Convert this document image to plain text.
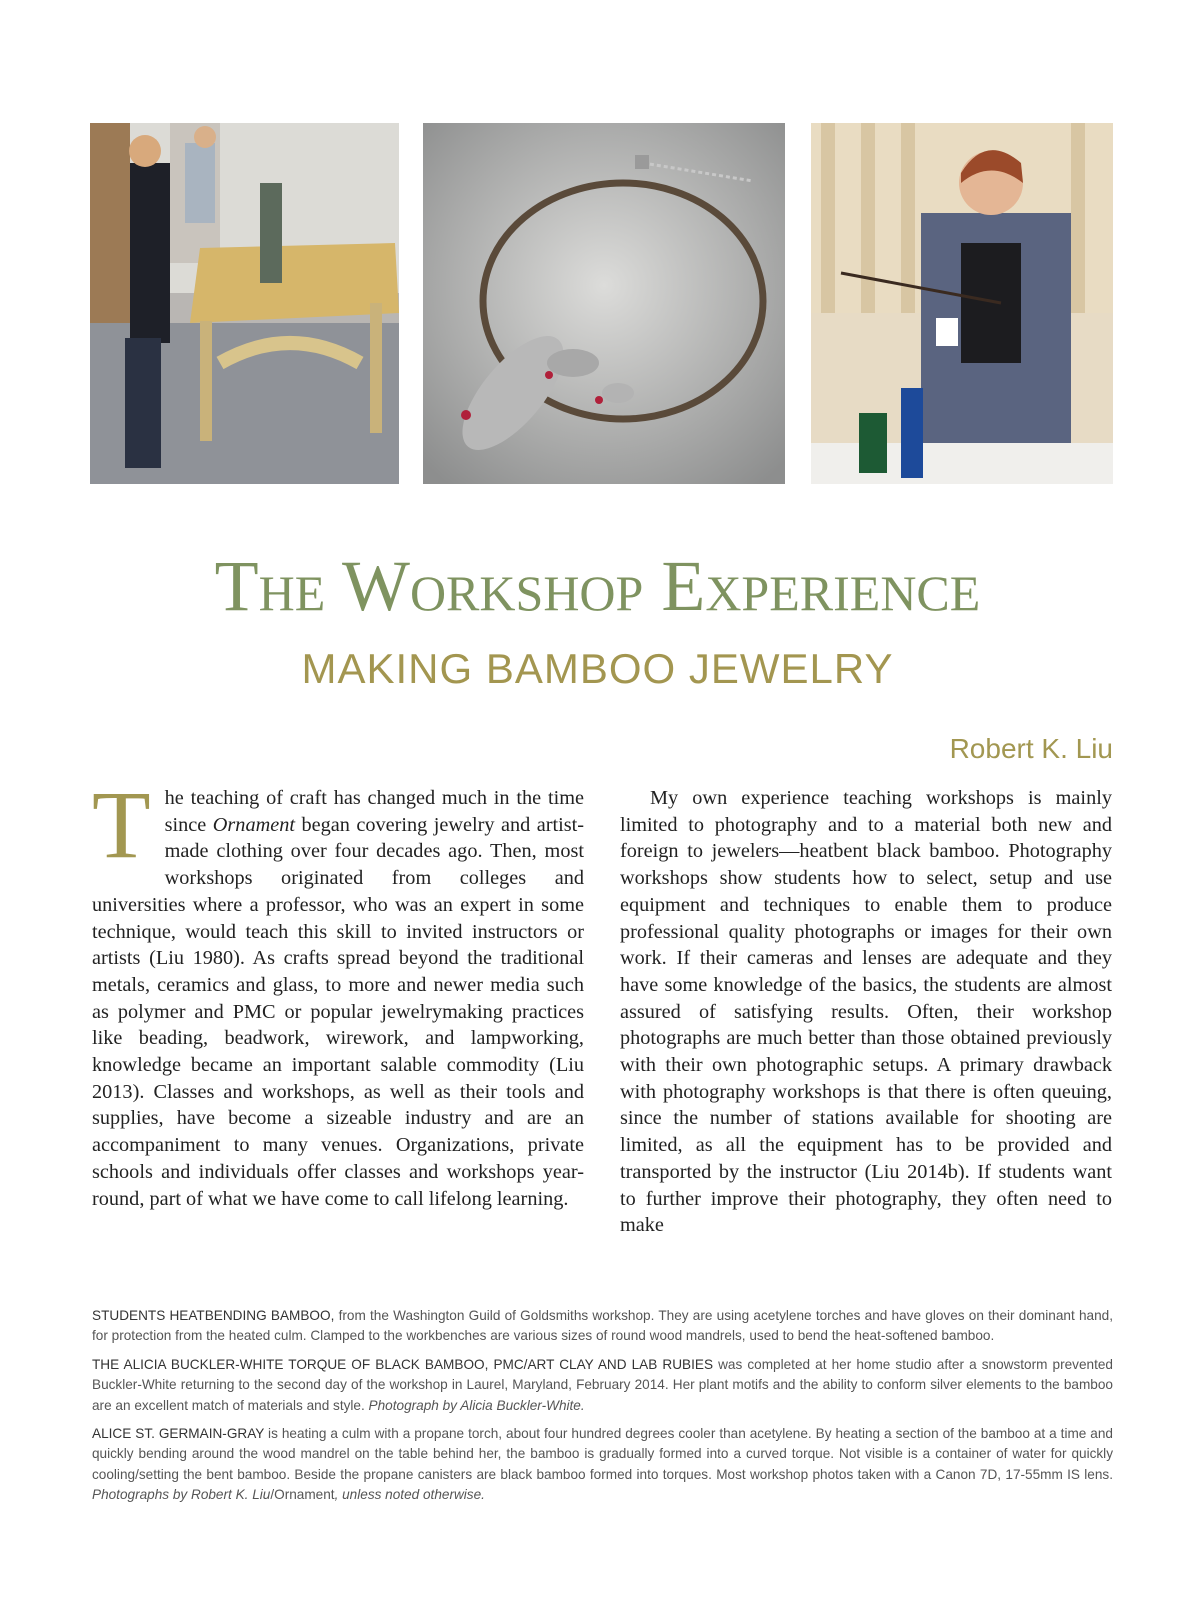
The Workshop Experience
MAKING BAMBOO JEWELRY
Robert K. Liu
The teaching of craft has changed much in the time since Ornament began covering jewelry and artist-made clothing over four decades ago. Then, most workshops originated from colleges and universities where a professor, who was an expert in some technique, would teach this skill to invited instructors or artists (Liu 1980). As crafts spread beyond the traditional metals, ceramics and glass, to more and newer media such as polymer and PMC or popular jewelrymaking practices like beading, beadwork, wirework, and lampworking, knowledge became an important salable commodity (Liu 2013). Classes and workshops, as well as their tools and supplies, have become a sizeable industry and are an accompaniment to many venues. Organizations, private schools and individuals offer classes and workshops year-round, part of what we have come to call lifelong learning.
My own experience teaching workshops is mainly limited to photography and to a material both new and foreign to jewelers—heatbent black bamboo. Photography workshops show students how to select, setup and use equipment and techniques to enable them to produce professional quality photographs or images for their own work. If their cameras and lenses are adequate and they have some knowledge of the basics, the students are almost assured of satisfying results. Often, their workshop photographs are much better than those obtained previously with their own photographic setups. A primary drawback with photography workshops is that there is often queuing, since the number of stations available for shooting are limited, as all the equipment has to be provided and transported by the instructor (Liu 2014b). If students want to further improve their photography, they often need to make

STUDENTS HEATBENDING BAMBOO, from the Washington Guild of Goldsmiths workshop. They are using acetylene torches and have gloves on their dominant hand, for protection from the heated culm. Clamped to the workbenches are various sizes of round wood mandrels, used to bend the heat-softened bamboo.

THE ALICIA BUCKLER-WHITE TORQUE OF BLACK BAMBOO, PMC/ART CLAY AND LAB RUBIES was completed at her home studio after a snowstorm prevented Buckler-White returning to the second day of the workshop in Laurel, Maryland, February 2014. Her plant motifs and the ability to conform silver elements to the bamboo are an excellent match of materials and style. Photograph by Alicia Buckler-White.

ALICE ST. GERMAIN-GRAY is heating a culm with a propane torch, about four hundred degrees cooler than acetylene. By heating a section of the bamboo at a time and quickly bending around the wood mandrel on the table behind her, the bamboo is gradually formed into a curved torque. Not visible is a container of water for quickly cooling/setting the bent bamboo. Beside the propane canisters are black bamboo formed into torques. Most workshop photos taken with a Canon 7D, 17-55mm IS lens. Photographs by Robert K. Liu/Ornament, unless noted otherwise.
